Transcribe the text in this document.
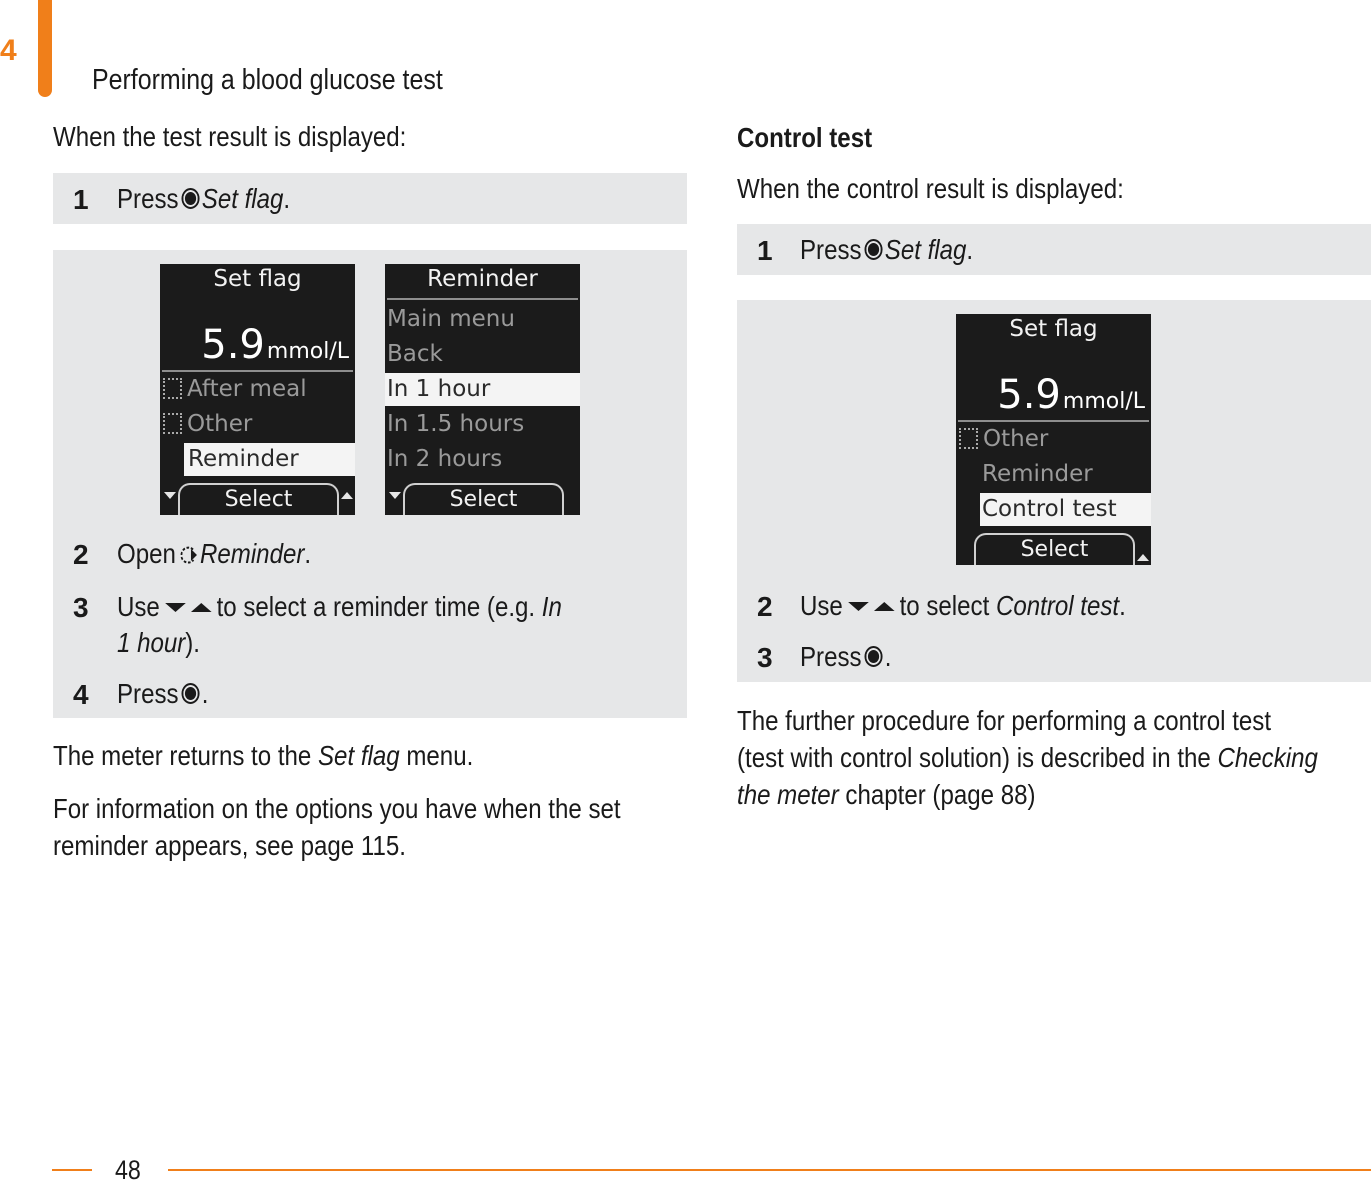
4
Performing a blood glucose test
When the test result is displayed:
1 Press Set flag.
Set flag
5.9mmol/L
After meal
Other
Reminder
Select
Reminder
Main menu
Back
In 1 hour
In 1.5 hours
In 2 hours
Select
2 Open Reminder.
3 Use to select a reminder time (e.g. In
1 hour).
4 Press .
The meter returns to the Set flag menu.
For information on the options you have when the set
reminder appears, see page 115.
Control test
When the control result is displayed:
1 Press Set flag.
Set flag
5.9mmol/L
Other
Reminder
Control test
Select
2 Use to select Control test.
3 Press .
The further procedure for performing a control test
(test with control solution) is described in the Checking
the meter chapter (page 88)
48
